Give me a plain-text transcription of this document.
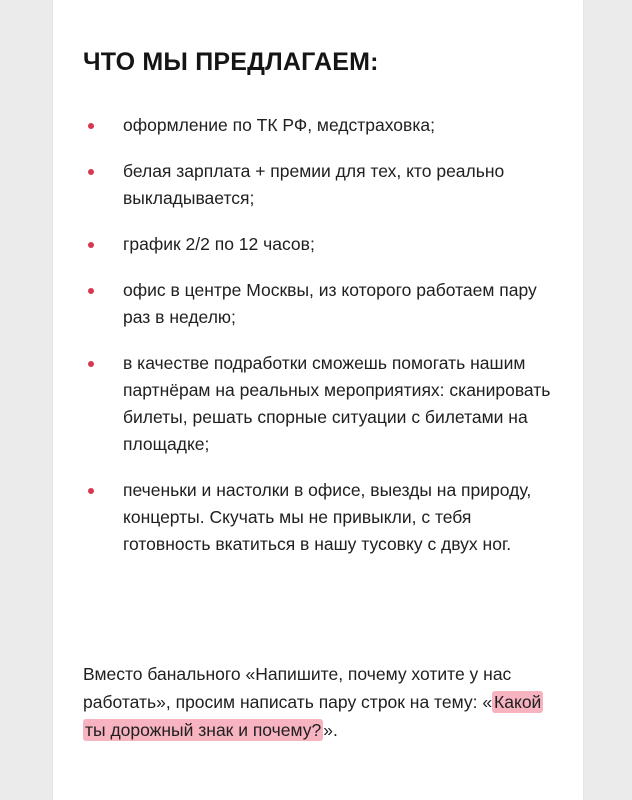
ЧТО МЫ ПРЕДЛАГАЕМ:
оформление по ТК РФ, медстраховка;
белая зарплата + премии для тех, кто реально выкладывается;
график 2/2 по 12 часов;
офис в центре Москвы, из которого работаем пару раз в неделю;
в качестве подработки сможешь помогать нашим партнёрам на реальных мероприятиях: сканировать билеты, решать спорные ситуации с билетами на площадке;
печеньки и настолки в офисе, выезды на природу, концерты. Скучать мы не привыкли, с тебя готовность вкатиться в нашу тусовку с двух ног.

Вместо банального «Напишите, почему хотите у нас работать», просим написать пару строк на тему: « Какой ты дорожный знак и почему? ».
